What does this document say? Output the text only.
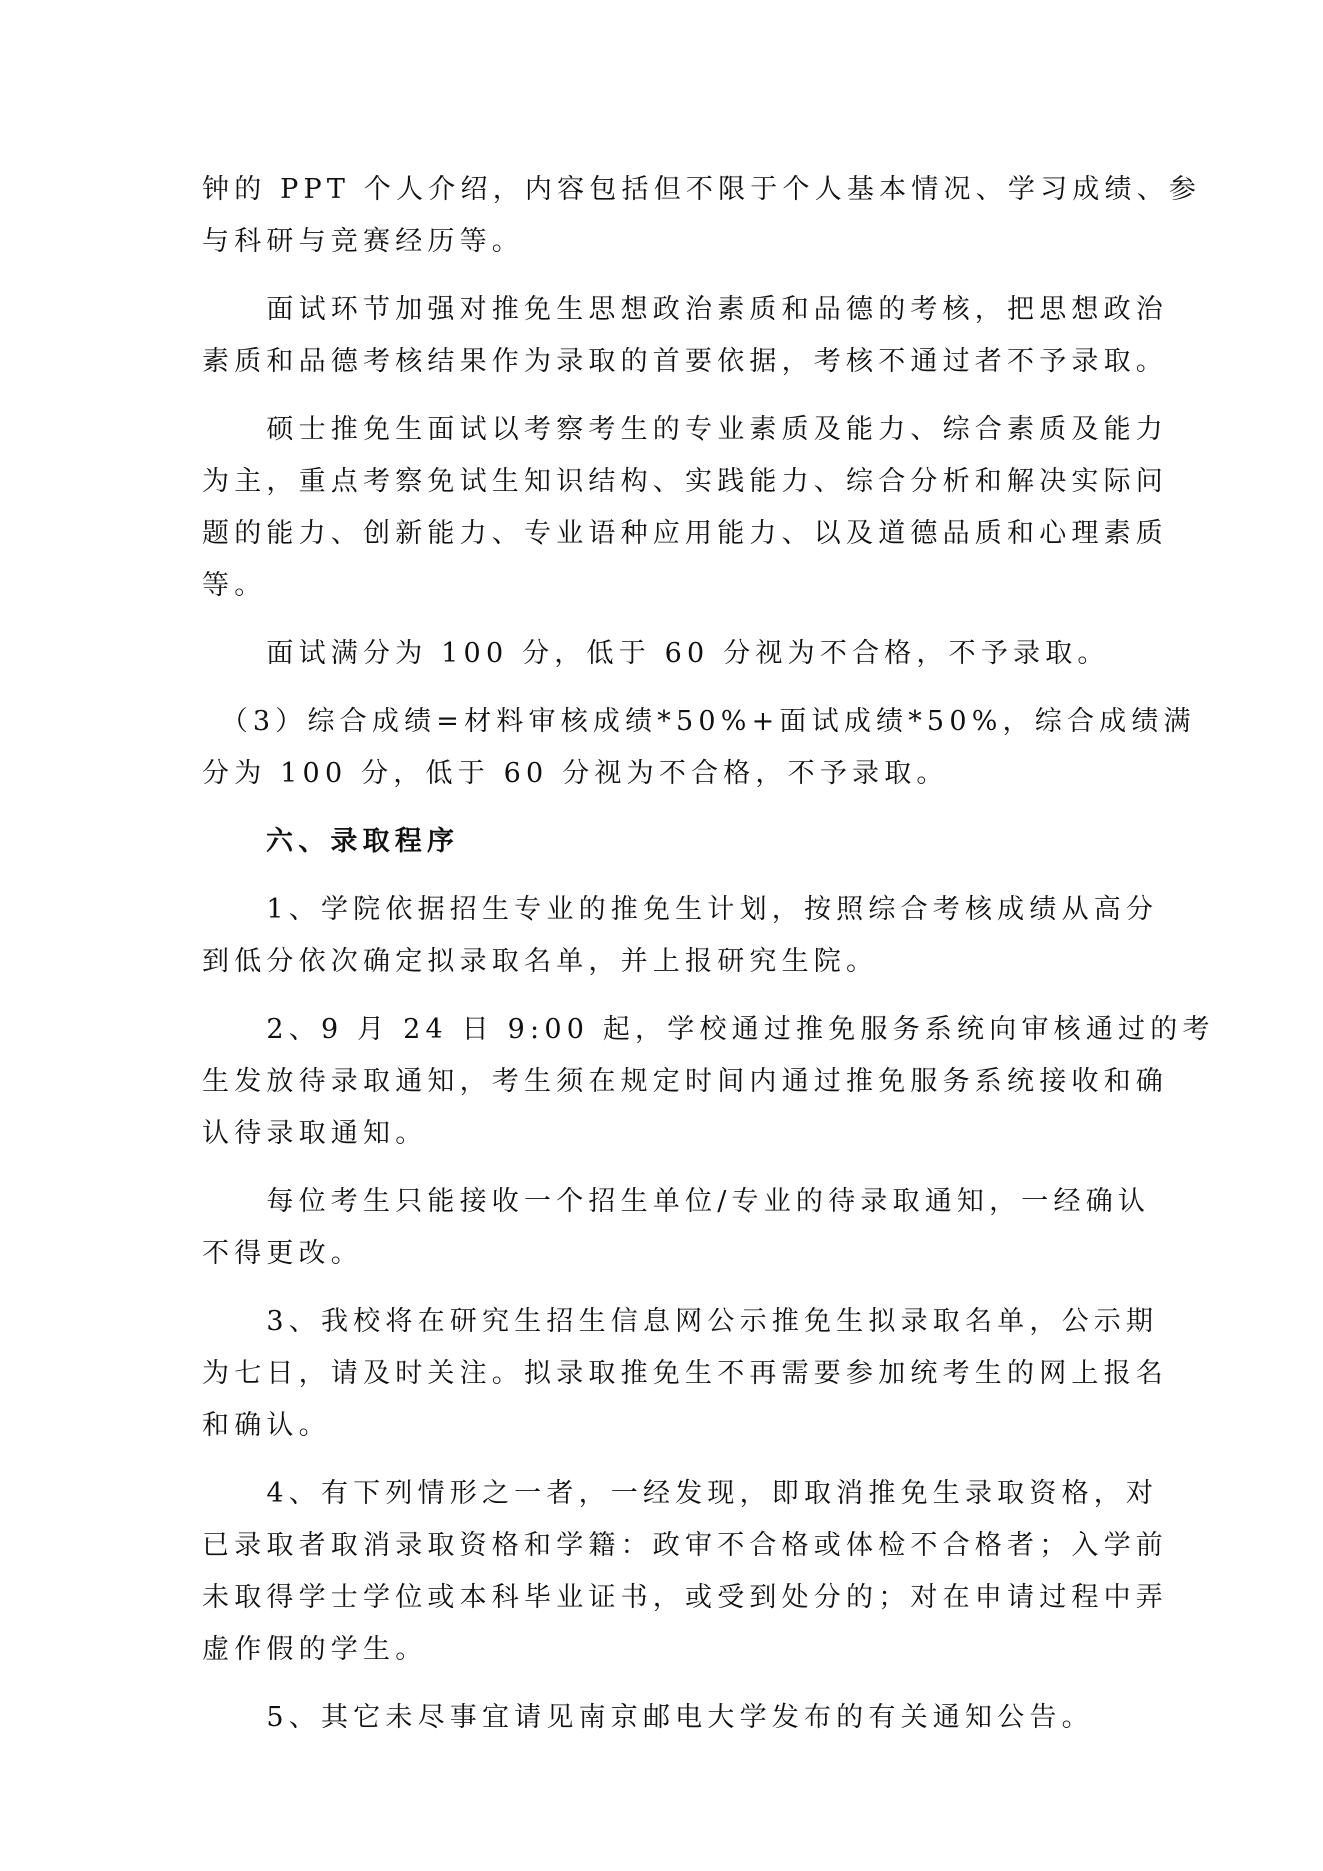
钟的 PPT 个人介绍，内容包括但不限于个人基本情况、学习成绩、参
与科研与竞赛经历等。
　　面试环节加强对推免生思想政治素质和品德的考核，把思想政治
素质和品德考核结果作为录取的首要依据，考核不通过者不予录取。
　　硕士推免生面试以考察考生的专业素质及能力、综合素质及能力
为主，重点考察免试生知识结构、实践能力、综合分析和解决实际问
题的能力、创新能力、专业语种应用能力、以及道德品质和心理素质
等。
　　面试满分为 100 分，低于 60 分视为不合格，不予录取。
　（3）综合成绩=材料审核成绩*50%+面试成绩*50%，综合成绩满
分为 100 分，低于 60 分视为不合格，不予录取。
六、录取程序
　　1、学院依据招生专业的推免生计划，按照综合考核成绩从高分
到低分依次确定拟录取名单，并上报研究生院。
　　2、9 月 24 日 9:00 起，学校通过推免服务系统向审核通过的考
生发放待录取通知，考生须在规定时间内通过推免服务系统接收和确
认待录取通知。
　　每位考生只能接收一个招生单位/专业的待录取通知，一经确认
不得更改。
　　3、我校将在研究生招生信息网公示推免生拟录取名单，公示期
为七日，请及时关注。拟录取推免生不再需要参加统考生的网上报名
和确认。
　　4、有下列情形之一者，一经发现，即取消推免生录取资格，对
已录取者取消录取资格和学籍：政审不合格或体检不合格者；入学前
未取得学士学位或本科毕业证书，或受到处分的；对在申请过程中弄
虚作假的学生。
　　5、其它未尽事宜请见南京邮电大学发布的有关通知公告。
